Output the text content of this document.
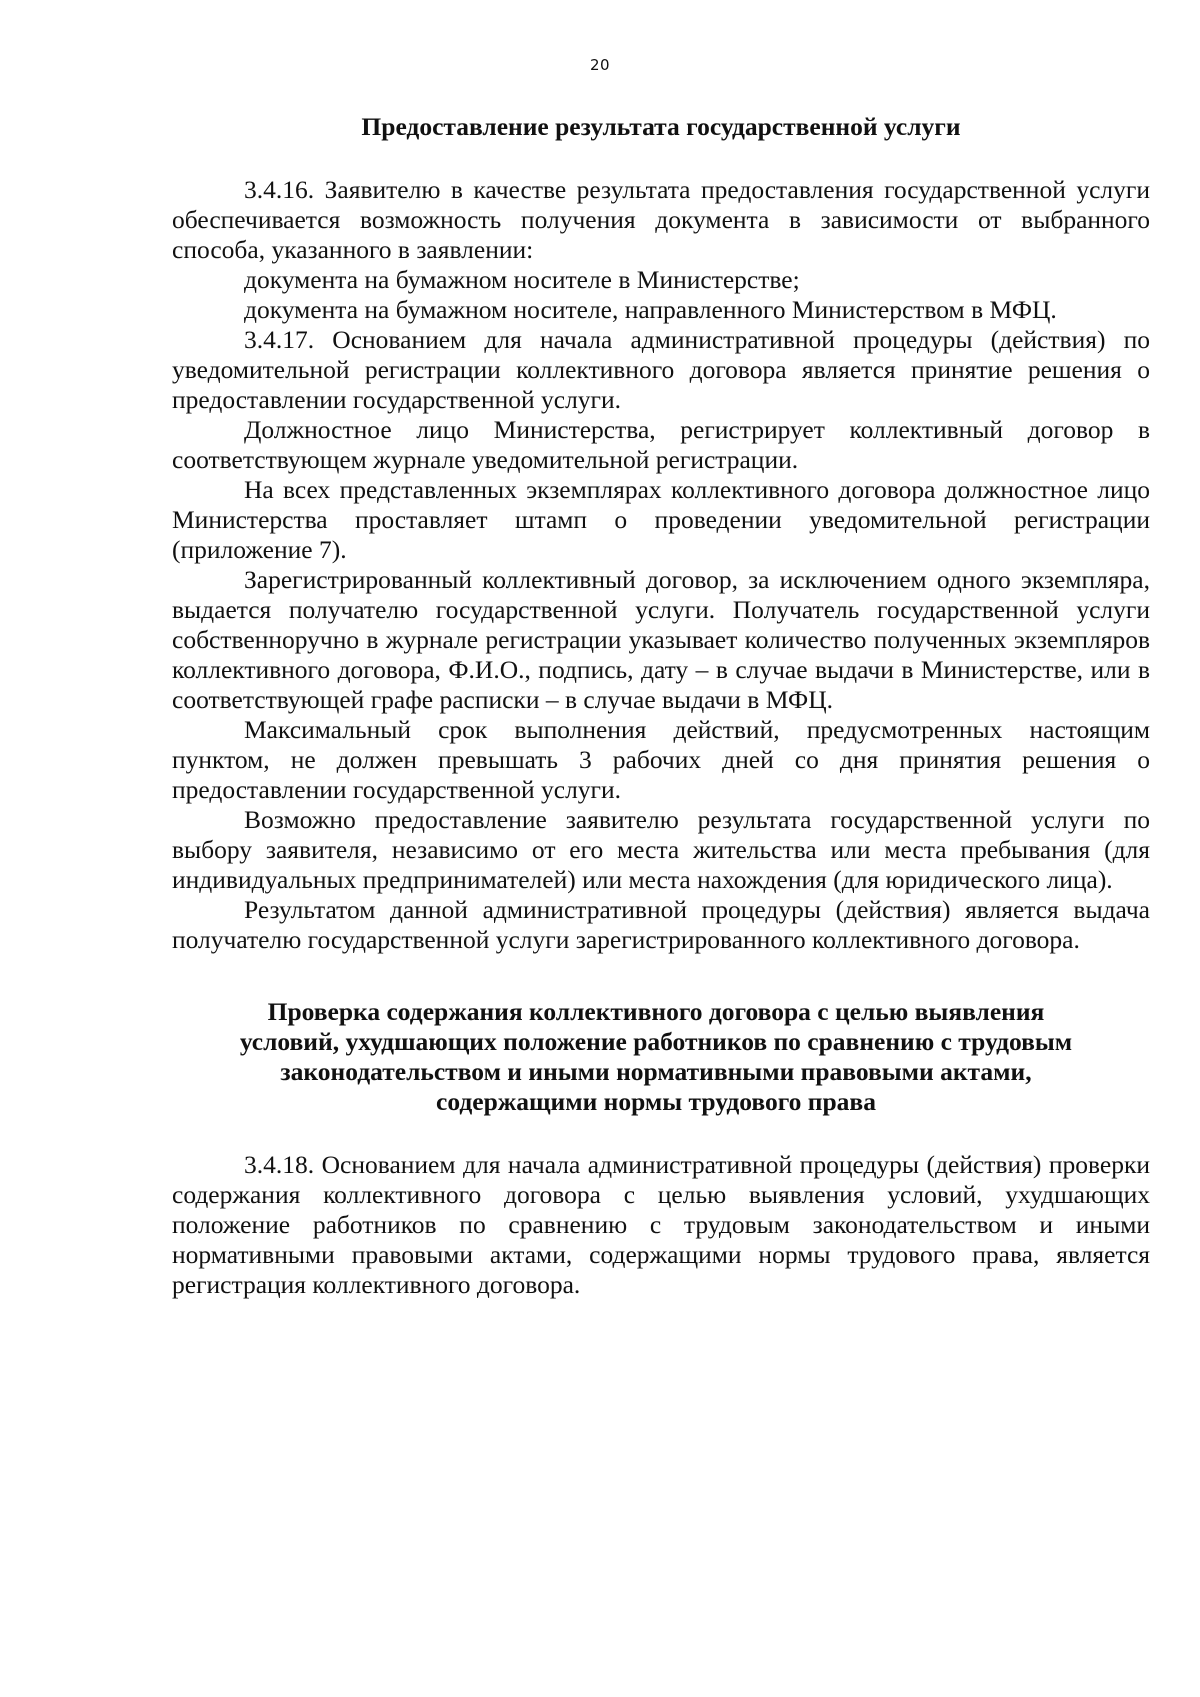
20
Предоставление результата государственной услуги

3.4.16. Заявителю в качестве результата предоставления государственной услуги обеспечивается возможность получения документа в зависимости от выбранного способа, указанного в заявлении:

документа на бумажном носителе в Министерстве;

документа на бумажном носителе, направленного Министерством в МФЦ.

3.4.17. Основанием для начала административной процедуры (действия) по уведомительной регистрации коллективного договора является принятие решения о предоставлении государственной услуги.

Должностное лицо Министерства, регистрирует коллективный договор в соответствующем журнале уведомительной регистрации.

На всех представленных экземплярах коллективного договора должностное лицо Министерства проставляет штамп о проведении уведомительной регистрации (приложение 7).

Зарегистрированный коллективный договор, за исключением одного экземпляра, выдается получателю государственной услуги. Получатель государственной услуги собственноручно в журнале регистрации указывает количество полученных экземпляров коллективного договора, Ф.И.О., подпись, дату – в случае выдачи в Министерстве, или в соответствующей графе расписки – в случае выдачи в МФЦ.

Максимальный срок выполнения действий, предусмотренных настоящим пунктом, не должен превышать 3 рабочих дней со дня принятия решения о предоставлении государственной услуги.

Возможно предоставление заявителю результата государственной услуги по выбору заявителя, независимо от его места жительства или места пребывания (для индивидуальных предпринимателей) или места нахождения (для юридического лица).

Результатом данной административной процедуры (действия) является выдача получателю государственной услуги зарегистрированного коллективного договора.

Проверка содержания коллективного договора с целью выявления
условий, ухудшающих положение работников по сравнению с трудовым
законодательством и иными нормативными правовыми актами,
содержащими нормы трудового права

3.4.18. Основанием для начала административной процедуры (действия) проверки содержания коллективного договора с целью выявления условий, ухудшающих положение работников по сравнению с трудовым законодательством и иными нормативными правовыми актами, содержащими нормы трудового права, является регистрация коллективного договора.
